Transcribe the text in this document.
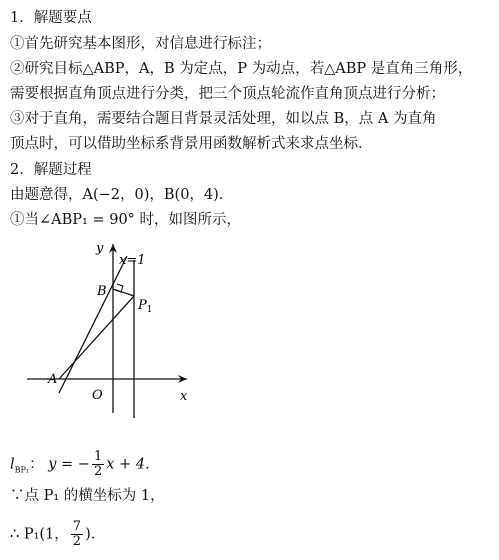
1．解题要点
①首先研究基本图形，对信息进行标注；
②研究目标△ABP，A，B 为定点，P 为动点，若△ABP 是直角三角形，
需要根据直角顶点进行分类，把三个顶点轮流作直角顶点进行分析；
③对于直角，需要结合题目背景灵活处理，如以点 B，点 A 为直角
顶点时，可以借助坐标系背景用函数解析式来求点坐标．
2．解题过程
由题意得，A(−2，0)，B(0，4)．
①当∠ABP₁ = 90° 时，如图所示，
y
x=1
B
$P_1$
A
O	x
$l_{BP_1}$： y = − $\frac{1}{2}$ x + 4．
∵点 P₁ 的横坐标为 1，
∴ P₁(1， $\frac{7}{2}$ )．
